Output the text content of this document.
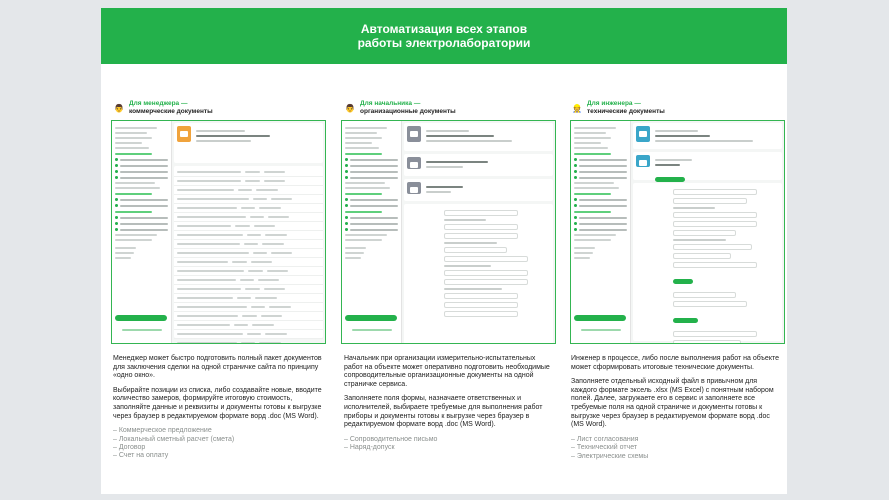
Автоматизация всех этапов
работы электролаборатории
👨 Для менеджера —
коммерческие документы

Менеджер может быстро подготовить полный пакет документов для заключения сделки на одной страничке сайта по принципу «одно окно».

Выбирайте позиции из списка, либо создавайте новые, вводите количество замеров, формируйте итоговую стоимость, заполняйте данные и реквизиты и документы готовы к выгрузке через браузер в редактируемом формате ворд .doc (MS Word).

– Коммерческое предложение
– Локальный сметный расчет (смета)
– Договор
– Счет на оплату
👨 Для начальника —
организационные документы

Начальник при организации измерительно-испытательных работ на объекте может оперативно подготовить необходимые сопроводительные организационные документы на одной страничке сервиса.

Заполняете поля формы, назначаете ответственных и исполнителей, выбираете требуемые для выполнения работ приборы и документы готовы к выгрузке через браузер в редактируемом формате ворд .doc (MS Word).

– Сопроводительное письмо
– Наряд-допуск
👷 Для инженера —
технические документы

Инженер в процессе, либо после выполнения работ на объекте может сформировать итоговые технические документы.

Заполняете отдельный исходный файл в привычном для каждого формате эксель .xlsx (MS Excel) с понятным набором полей. Далее, загружаете его в сервис и заполняете все требуемые поля на одной страничке и документы готовы к выгрузке через браузер в редактируемом формате ворд .doc (MS Word).

– Лист согласования
– Технический отчет
– Электрические схемы
